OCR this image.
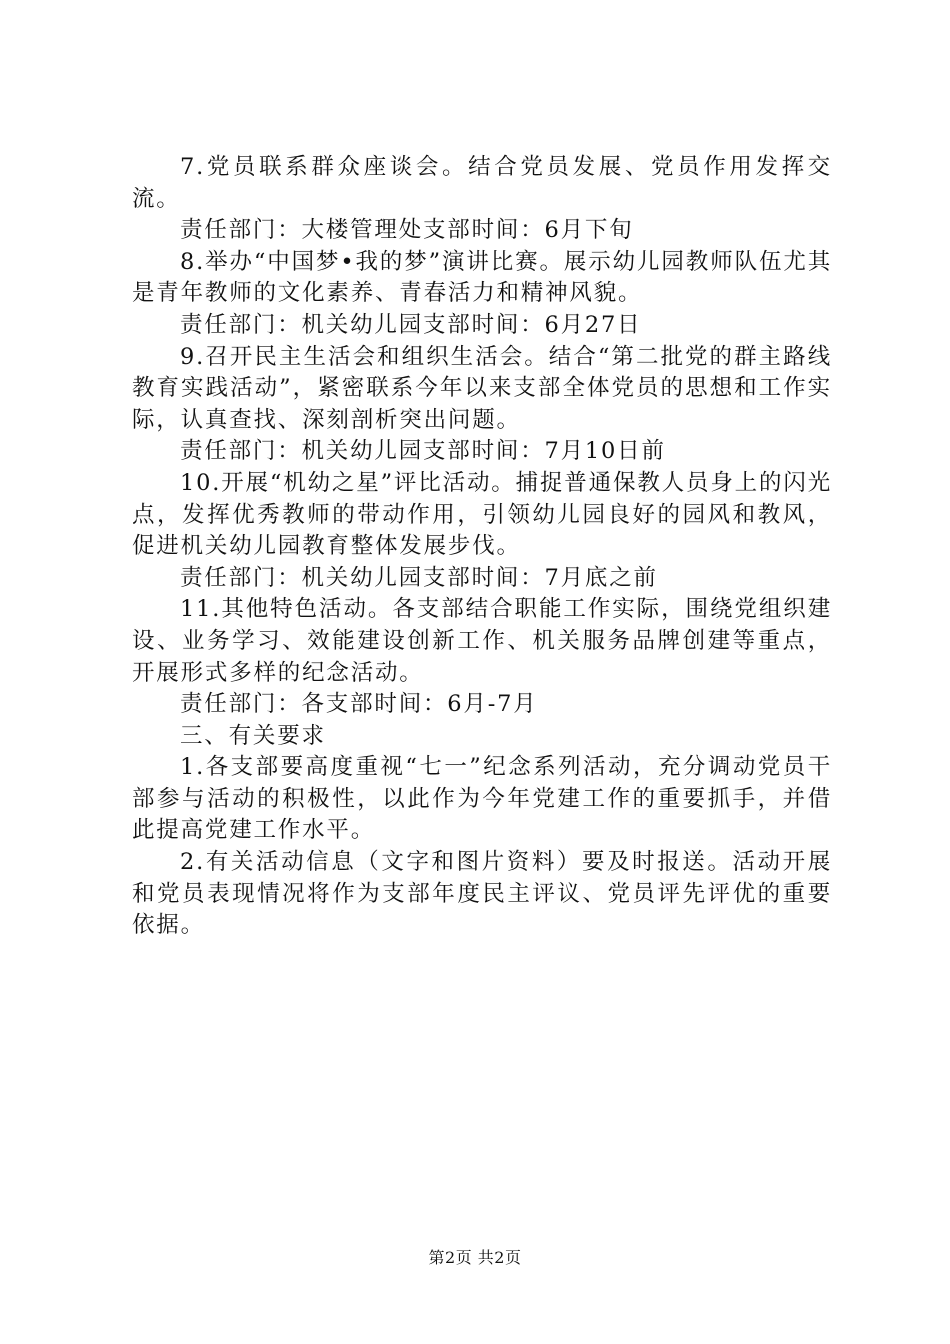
7.党员联系群众座谈会。结合党员发展、党员作用发挥交流。

责任部门：大楼管理处支部时间：6月下旬

8.举办“中国梦•我的梦”演讲比赛。展示幼儿园教师队伍尤其是青年教师的文化素养、青春活力和精神风貌。

责任部门：机关幼儿园支部时间：6月27日

9.召开民主生活会和组织生活会。结合“第二批党的群主路线教育实践活动”，紧密联系今年以来支部全体党员的思想和工作实际，认真查找、深刻剖析突出问题。

责任部门：机关幼儿园支部时间：7月10日前

10.开展“机幼之星”评比活动。捕捉普通保教人员身上的闪光点，发挥优秀教师的带动作用，引领幼儿园良好的园风和教风，促进机关幼儿园教育整体发展步伐。

责任部门：机关幼儿园支部时间：7月底之前

11.其他特色活动。各支部结合职能工作实际，围绕党组织建设、业务学习、效能建设创新工作、机关服务品牌创建等重点，开展形式多样的纪念活动。

责任部门：各支部时间：6月-7月

三、有关要求

1.各支部要高度重视“七一”纪念系列活动，充分调动党员干部参与活动的积极性，以此作为今年党建工作的重要抓手，并借此提高党建工作水平。

2.有关活动信息（文字和图片资料）要及时报送。活动开展和党员表现情况将作为支部年度民主评议、党员评先评优的重要依据。

第2页 共2页
